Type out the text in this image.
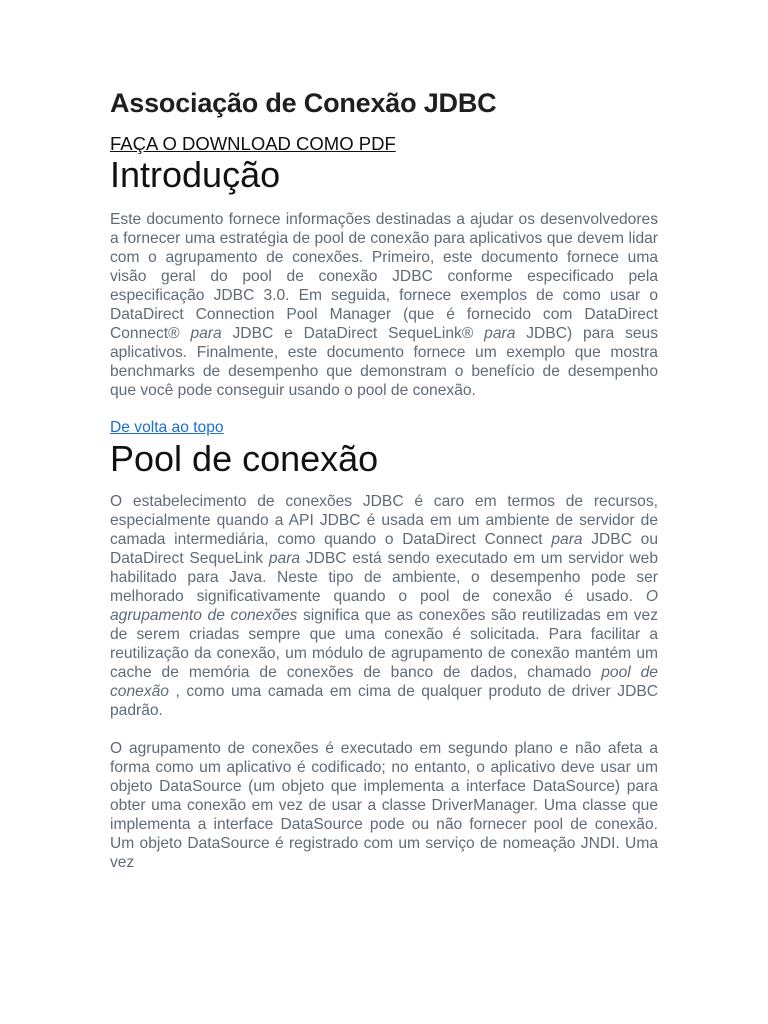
Associação de Conexão JDBC
FAÇA O DOWNLOAD COMO PDF
Introdução

Este documento fornece informações destinadas a ajudar os desenvolvedores a fornecer uma estratégia de pool de conexão para aplicativos que devem lidar com o agrupamento de conexões. Primeiro, este documento fornece uma visão geral do pool de conexão JDBC conforme especificado pela especificação JDBC 3.0. Em seguida, fornece exemplos de como usar o DataDirect Connection Pool Manager (que é fornecido com DataDirect Connect® para JDBC e DataDirect SequeLink® para JDBC) para seus aplicativos. Finalmente, este documento fornece um exemplo que mostra benchmarks de desempenho que demonstram o benefício de desempenho que você pode conseguir usando o pool de conexão.

De volta ao topo
Pool de conexão

O estabelecimento de conexões JDBC é caro em termos de recursos, especialmente quando a API JDBC é usada em um ambiente de servidor de camada intermediária, como quando o DataDirect Connect para JDBC ou DataDirect SequeLink para JDBC está sendo executado em um servidor web habilitado para Java. Neste tipo de ambiente, o desempenho pode ser melhorado significativamente quando o pool de conexão é usado. O agrupamento de conexões significa que as conexões são reutilizadas em vez de serem criadas sempre que uma conexão é solicitada. Para facilitar a reutilização da conexão, um módulo de agrupamento de conexão mantém um cache de memória de conexões de banco de dados, chamado pool de conexão , como uma camada em cima de qualquer produto de driver JDBC padrão.

O agrupamento de conexões é executado em segundo plano e não afeta a forma como um aplicativo é codificado; no entanto, o aplicativo deve usar um objeto DataSource (um objeto que implementa a interface DataSource) para obter uma conexão em vez de usar a classe DriverManager. Uma classe que implementa a interface DataSource pode ou não fornecer pool de conexão. Um objeto DataSource é registrado com um serviço de nomeação JNDI. Uma vez
